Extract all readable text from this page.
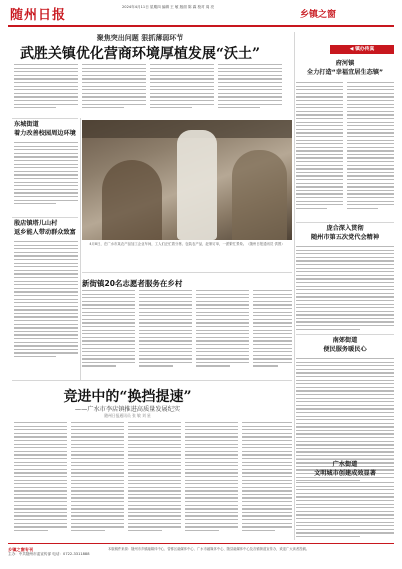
随州日报
2024年4月11日 星期四 编辑 王 敏 版面 陈 霖 校对 周 亮
乡镇之窗
聚焦突出问题 狠抓薄弱环节
武胜关镇优化营商环境厚植发展“沃土”	◀ 镇办传真
府河镇
全力打造“幸福宜居生态镇”
东城街道
着力改善校园周边环境
殷店镇塔儿山村
返乡能人带动群众致富
4月8日，在广水市某农产品加工企业车间，工人们正忙着分拣、包装农产品，赶制订单，一派繁忙景象。（随州日报通讯员 供图）
新街镇20名志愿者服务在乡村
庞合深入贯彻
随州市第五次党代会精神
南郊街道
便民服务暖民心
广水街道
文明城市创建成效显著
竞进中的“换挡提速”
——广水市李店镇推进高质量发展纪实
随州日报通讯员 张 敏 刘 星
乡镇之窗专刊
主办：中共随州市委宣传部 电话：0722-3311888
本版稿件来源：随州市乡镇融媒体中心、曾都区融媒体中心、广水市融媒体中心、随县融媒体中心及各镇街道宣传办，欢迎广大读者投稿。
